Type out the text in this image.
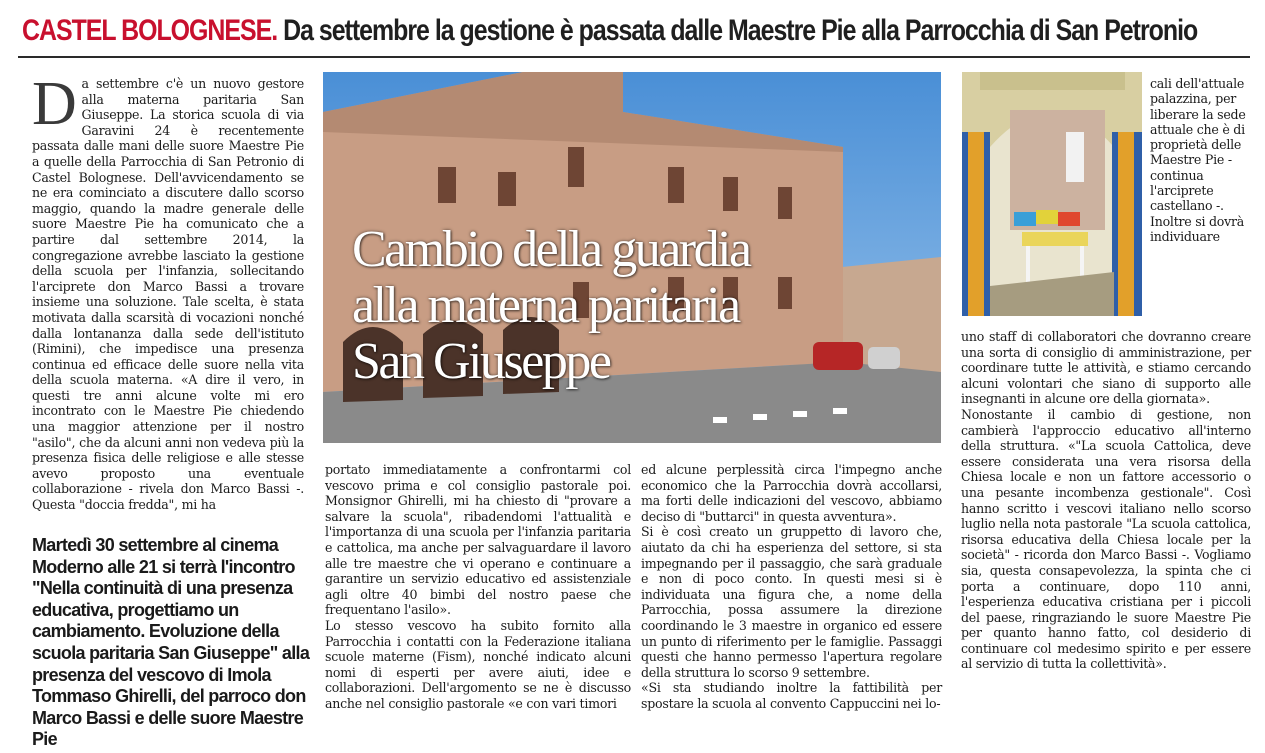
CASTEL BOLOGNESE. Da settembre la gestione è passata dalle Maestre Pie alla Parrocchia di San Petronio
D a settembre c'è un nuovo gestore alla materna paritaria San Giuseppe. La storica scuola di via Garavini 24 è recentemente passata dalle mani delle suore Maestre Pie a quelle della Parrocchia di San Petronio di Castel Bolognese. Dell'avvicendamento se ne era cominciato a discutere dallo scorso maggio, quando la madre generale delle suore Maestre Pie ha comunicato che a partire dal settembre 2014, la congregazione avrebbe lasciato la gestione della scuola per l'infanzia, sollecitando l'arciprete don Marco Bassi a trovare insieme una soluzione. Tale scelta, è stata motivata dalla scarsità di vocazioni nonché dalla lontananza dalla sede dell'istituto (Rimini), che impedisce una presenza continua ed efficace delle suore nella vita della scuola materna. «A dire il vero, in questi tre anni alcune volte mi ero incontrato con le Maestre Pie chiedendo una maggior attenzione per il nostro "asilo", che da alcuni anni non vedeva più la presenza fisica delle religiose e alle stesse avevo proposto una eventuale collaborazione - rivela don Marco Bassi -. Questa "doccia fredda", mi ha

Martedì 30 settembre al cinema Moderno alle 21 si terrà l'incontro "Nella continuità di una presenza educativa, progettiamo un cambiamento. Evoluzione della scuola paritaria San Giuseppe" alla presenza del vescovo di Imola Tommaso Ghirelli, del parroco don Marco Bassi e delle suore Maestre Pie
Cambio della guardia
alla materna paritaria
San Giuseppe

portato immediatamente a confrontarmi col vescovo prima e col consiglio pastorale poi. Monsignor Ghirelli, mi ha chiesto di "provare a salvare la scuola", ribadendomi l'attualità e l'importanza di una scuola per l'infanzia paritaria e cattolica, ma anche per salvaguardare il lavoro alle tre maestre che vi operano e continuare a garantire un servizio educativo ed assistenziale agli oltre 40 bimbi del nostro paese che frequentano l'asilo».

Lo stesso vescovo ha subito fornito alla Parrocchia i contatti con la Federazione italiana scuole materne (Fism), nonché indicato alcuni nomi di esperti per avere aiuti, idee e collaborazioni. Dell'argomento se ne è discusso anche nel consiglio pastorale «e con vari timori

ed alcune perplessità circa l'impegno anche economico che la Parrocchia dovrà accollarsi, ma forti delle indicazioni del vescovo, abbiamo deciso di "buttarci" in questa avventura».

Si è così creato un gruppetto di lavoro che, aiutato da chi ha esperienza del settore, si sta impegnando per il passaggio, che sarà graduale e non di poco conto. In questi mesi si è individuata una figura che, a nome della Parrocchia, possa assumere la direzione coordinando le 3 maestre in organico ed essere un punto di riferimento per le famiglie. Passaggi questi che hanno permesso l'apertura regolare della struttura lo scorso 9 settembre.

«Si sta studiando inoltre la fattibilità per spostare la scuola al convento Cappuccini nei lo-

cali dell'attuale palazzina, per liberare la sede attuale che è di proprietà delle Maestre Pie - continua l'arciprete castellano -. Inoltre si dovrà individuare

uno staff di collaboratori che dovranno creare una sorta di consiglio di amministrazione, per coordinare tutte le attività, e stiamo cercando alcuni volontari che siano di supporto alle insegnanti in alcune ore della giornata».

Nonostante il cambio di gestione, non cambierà l'approccio educativo all'interno della struttura. «"La scuola Cattolica, deve essere considerata una vera risorsa della Chiesa locale e non un fattore accessorio o una pesante incombenza gestionale". Così hanno scritto i vescovi italiano nello scorso luglio nella nota pastorale "La scuola cattolica, risorsa educativa della Chiesa locale per la società" - ricorda don Marco Bassi -. Vogliamo sia, questa consapevolezza, la spinta che ci porta a continuare, dopo 110 anni, l'esperienza educativa cristiana per i piccoli del paese, ringraziando le suore Maestre Pie per quanto hanno fatto, col desiderio di continuare col medesimo spirito e per essere al servizio di tutta la collettività».
